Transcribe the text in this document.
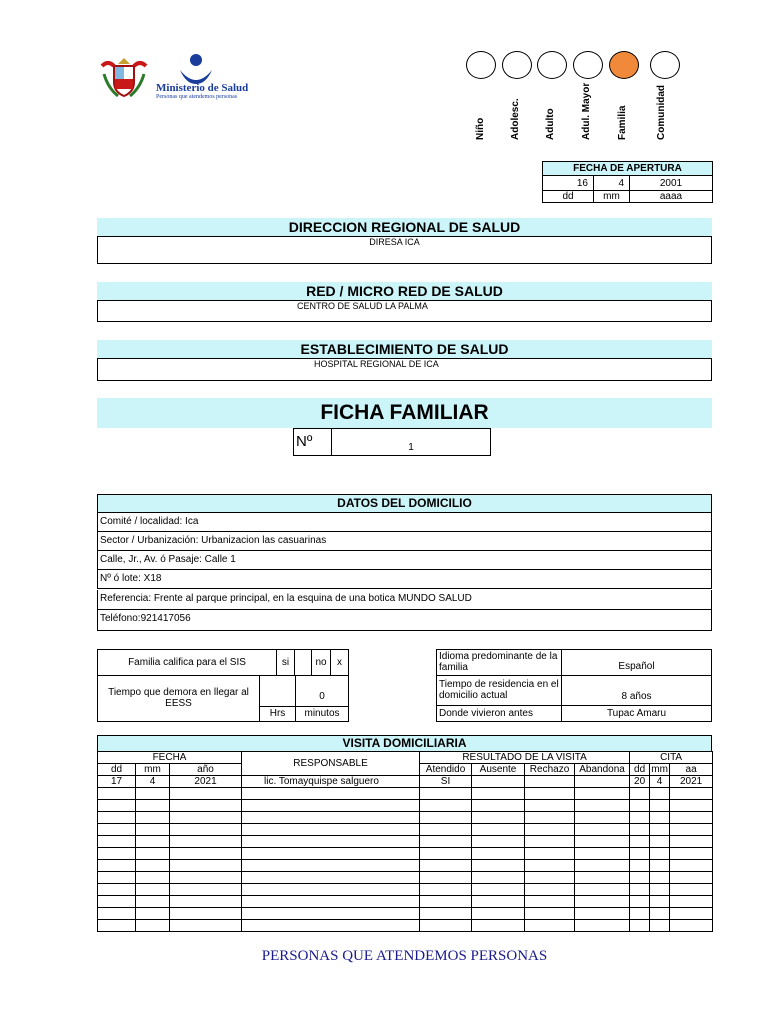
Ministerio de Salud
Personas que atendemos personas
Niño Adolesc. Adulto	Adul. Mayor	Familia	Comunidad
FECHA DE APERTURA		
16	4	2001
dd	mm	aaaa
DIRECCION REGIONAL DE SALUD
DIRESA ICA
RED / MICRO RED DE SALUD
CENTRO DE SALUD LA PALMA
ESTABLECIMIENTO DE SALUD
HOSPITAL REGIONAL DE ICA
FICHA FAMILIAR
Nº	1
DATOS DEL DOMICILIO
Comité / localidad: Ica
Sector / Urbanización: Urbanizacion las casuarinas
Calle, Jr., Av. ó Pasaje: Calle 1
Nº ó lote: X18
Referencia: Frente al parque principal, en la esquina de una botica MUNDO SALUD
Teléfono:921417056
Familia califica para el SIS	si	no	x
Tiempo que demora en llegar al EESS
0
Hrs	minutos
Idioma predominante de la familia	Español
Tiempo de residencia en el domicilio actual	8 años
Donde vivieron antes	Tupac Amaru
VISITA DOMICILIARIA
FECHA			RESPONSABLE	RESULTADO DE LA VISITA				CITA		
dd	mm	año		Atendido	Ausente	Rechazo	Abandona	dd	mm	aa
17	4	2021	lic. Tomayquispe salguero	SI				20	4	2021

PERSONAS QUE ATENDEMOS PERSONAS
